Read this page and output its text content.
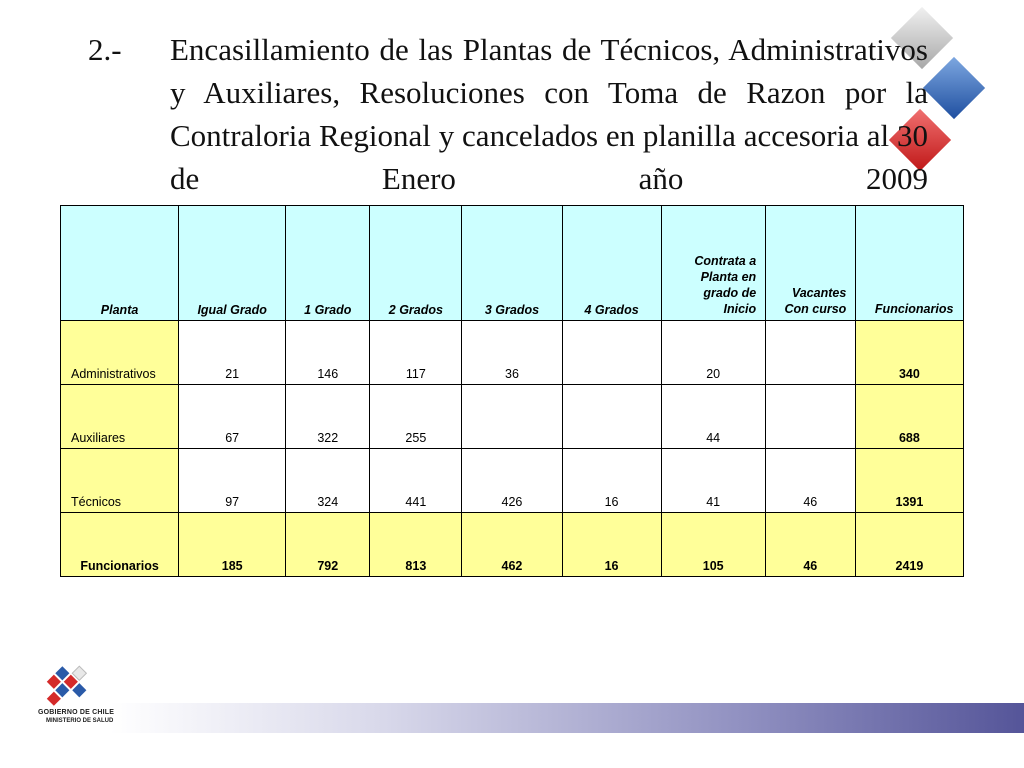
2.- Encasillamiento de las Plantas de Técnicos, Administrativos y Auxiliares, Resoluciones con Toma de Razon por la Contraloria Regional y cancelados en planilla accesoria al 30 de Enero año 2009
Planta	Igual Grado	1 Grado	2 Grados	3 Grados	4 Grados	Contrata a Planta en grado de Inicio	Vacantes Con curso	Funcionarios
Administrativos	21	146	117	36		20		340
Auxiliares	67	322	255			44		688
Técnicos	97	324	441	426	16	41	46	1391
Funcionarios	185	792	813	462	16	105	46	2419
GOBIERNO DE CHILE
MINISTERIO DE SALUD
